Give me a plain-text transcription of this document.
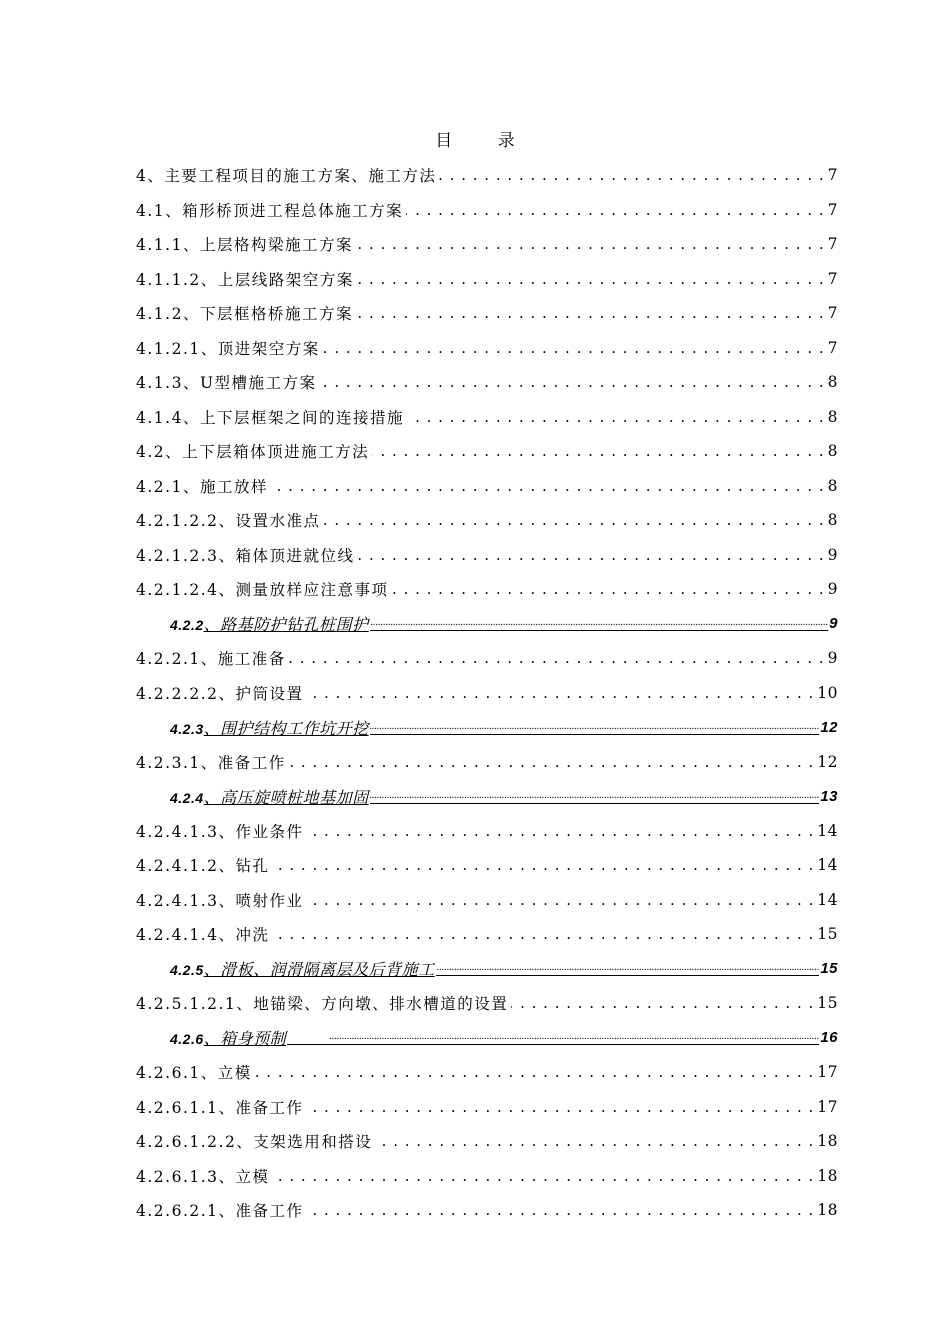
目 录
4、主要工程项目的施工方案、施工方法 . . .	7
4.1、箱形桥顶进工程总体施工方案 . . .	7
4.1.1、上层格构梁施工方案 . . .	7
4.1.1.2、上层线路架空方案 . . .	7
4.1.2、下层框格桥施工方案 . . .	7
4.1.2.1、顶进架空方案 . . .	7
4.1.3、U型槽施工方案 . . .	8
4.1.4、上下层框架之间的连接措施 . . .	8
4.2、上下层箱体顶进施工方法 . . .	8
4.2.1、施工放样 . . .	8
4.2.1.2.2、设置水准点 . . .	8
4.2.1.2.3、箱体顶进就位线 . . .	9
4.2.1.2.4、测量放样应注意事项 . . .	9
4.2.2、路基防护钻孔桩围护 .....	9
4.2.2.1、施工准备 . . .	9
4.2.2.2.2、护筒设置 . . .	10
4.2.3、围护结构工作坑开挖 .....	12
4.2.3.1、准备工作 . . .	12
4.2.4、高压旋喷桩地基加固 .....	13
4.2.4.1.3、作业条件 . . .	14
4.2.4.1.2、钻孔 . . .	14
4.2.4.1.3、喷射作业 . . .	14
4.2.4.1.4、冲洗 . . .	15
4.2.5、滑板、润滑隔离层及后背施工 .....	15
4.2.5.1.2.1、地锚梁、方向墩、排水槽道的设置 . . .	15
4.2.6、箱身预制 .....	16
4.2.6.1、立模 . . .	17
4.2.6.1.1、准备工作 . . .	17
4.2.6.1.2.2、支架选用和搭设 . . .	18
4.2.6.1.3、立模 . . .	18
4.2.6.2.1、准备工作 . . .	18
